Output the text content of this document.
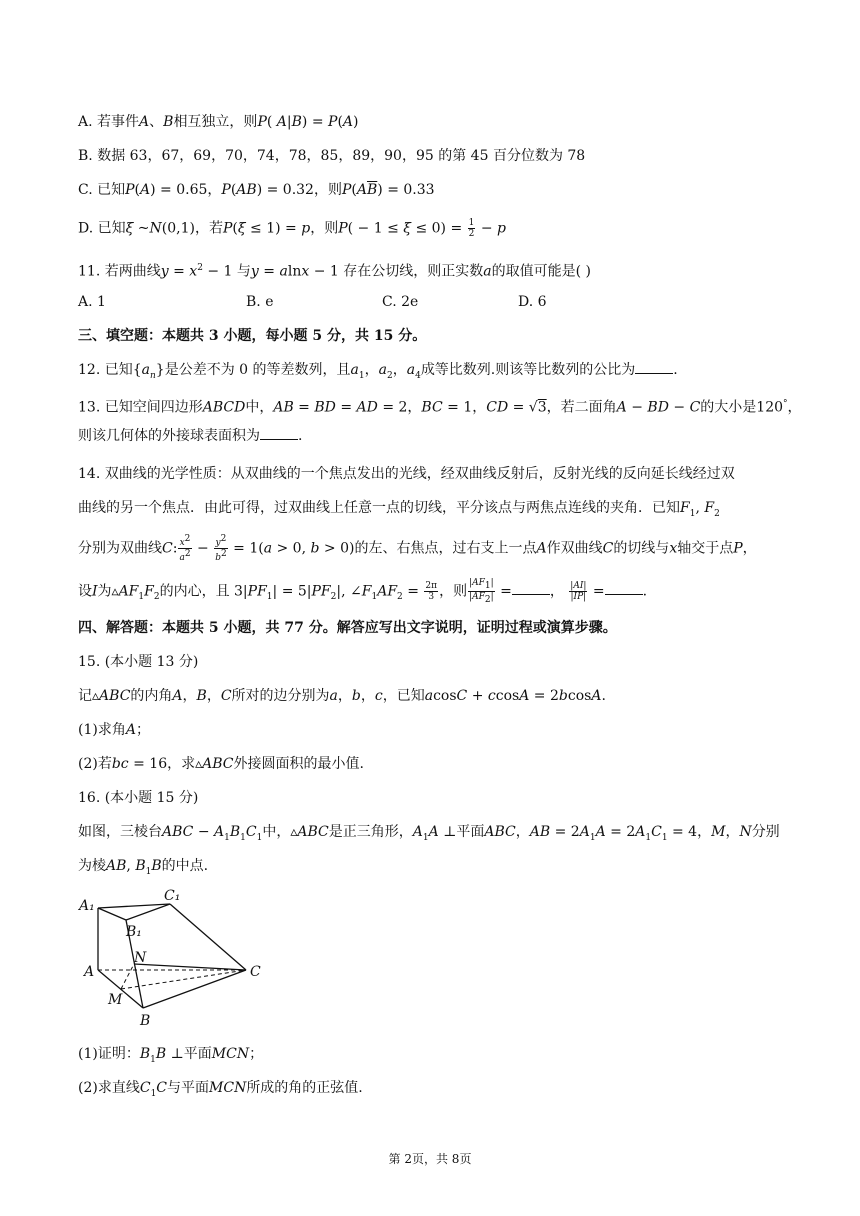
A. 若事件A、B相互独立，则P( A|B) = P(A)
B. 数据 63，67，69，70，74，78，85，89，90，95 的第 45 百分位数为 78
C. 已知P(A) = 0.65，P(AB) = 0.32，则$P(A\overline{B}) = 0.33$
D. 已知ξ ~N(0,1)，若P(ξ ≤ 1) = p，则$P( - 1 \le \xi \le 0) = \frac{1}{2} - p$
11. 若两曲线$y = x^2 - 1$ 与y = alnx − 1 存在公切线，则正实数a的取值可能是( )
A. 1	B. e	C. 2e	D. 6
三、填空题：本题共 3 小题，每小题 5 分，共 15 分。
12. 已知$\{a_n\}$是公差不为 0 的等差数列，且$a_1$，$a_2$，$a_4$成等比数列.则该等比数列的公比为	.
13. 已知空间四边形ABCD中，AB = BD = AD = 2，BC = 1，CD = √3，若二面角A − BD − C的大小是120°，
则该几何体的外接球表面积为	.
14. 双曲线的光学性质：从双曲线的一个焦点发出的光线，经双曲线反射后，反射光线的反向延长线经过双
曲线的另一个焦点．由此可得，过双曲线上任意一点的切线，平分该点与两焦点连线的夹角．已知$F_1$, $F_2$
分别为双曲线C: $\frac{x^2}{a^2} - \frac{y^2}{b^2} = 1(a > 0$, b > 0)的左、右焦点，过右支上一点A作双曲线C的切线与x轴交于点P，
设I为$▵AF_1F_2$的内心，且 $3|PF_1| = 5|PF_2|$, $\angle F_1AF_2 = \frac{2\pi}{3}$ ，则 $\frac{|AF_1|}{|AF_2|}$ =	， $\frac{|AI|}{|IP|}$ =	.
四、解答题：本题共 5 小题，共 77 分。解答应写出文字说明，证明过程或演算步骤。
15. (本小题 13 分)
记▵ABC的内角A，B，C所对的边分别为a，b，c，已知acosC + ccosA = 2bcosA.
(1)求角A；
(2)若bc = 16，求▵ABC外接圆面积的最小值.
16. (本小题 15 分)
如图，三棱台ABC − $A_1B_1C_1$中，▵ABC是正三角形，$A_1A$ ⊥平面ABC，AB = $2A_1A = 2A_1C_1 = 4$，M，N分别
为棱AB, $B_1B$的中点.
A₁
C₁
B₁
N
A	C
M
B
(1)证明：$B_1B$ ⊥平面MCN；
(2)求直线$C_1C$与平面MCN所成的角的正弦值.
第 2页，共 8页
